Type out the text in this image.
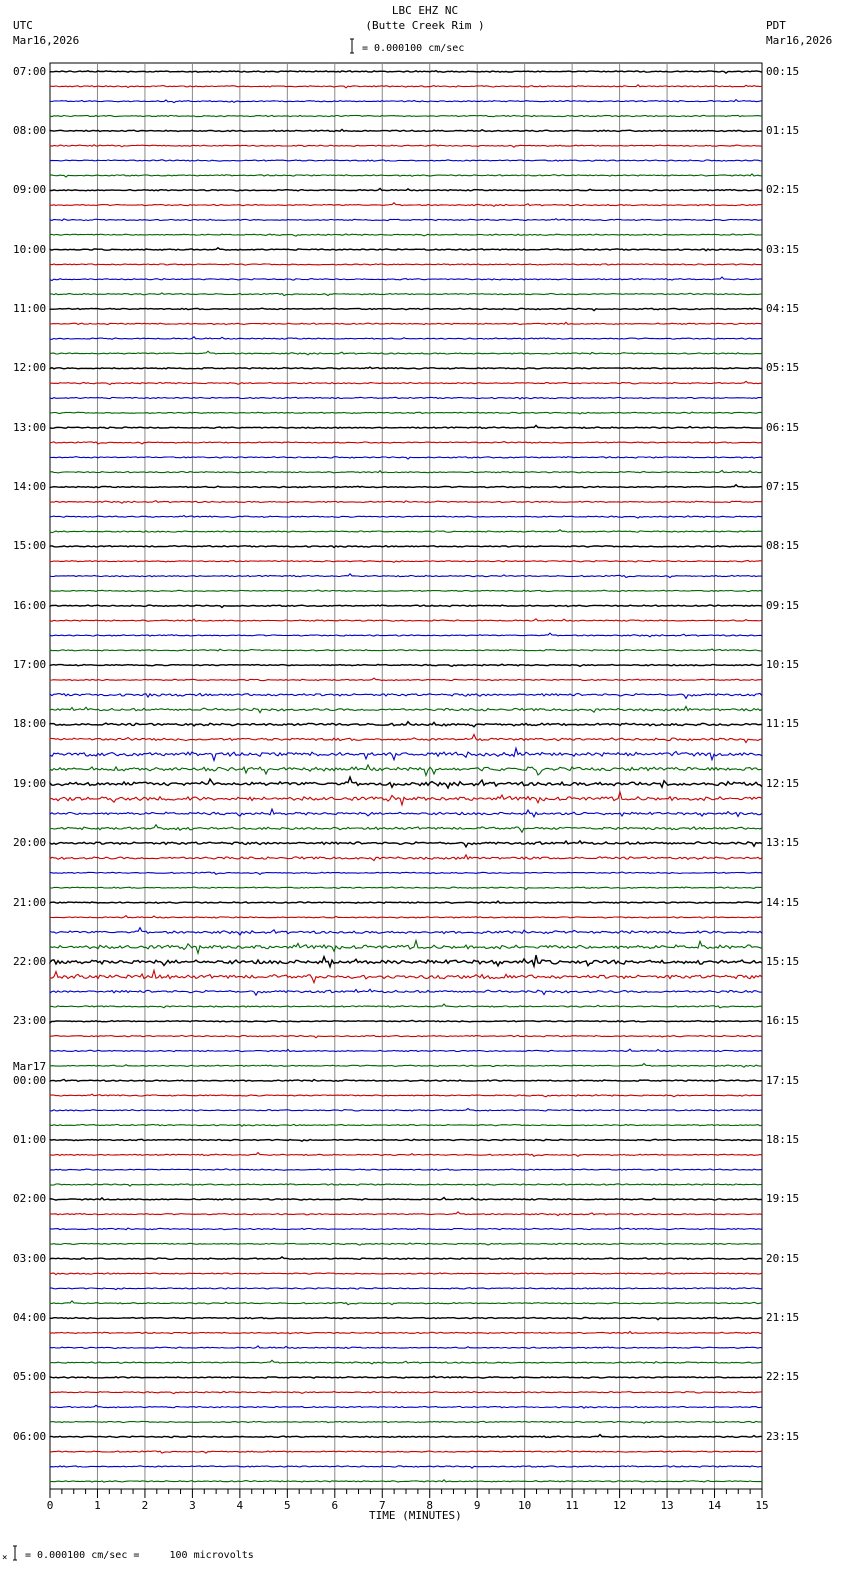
LBC EHZ NC
(Butte Creek Rim )
= 0.000100 cm/sec
UTC
Mar16,2026
PDT
Mar16,2026
0	1	2	3	4	5	6	7	8	9	10	11	12	13	14	15
07:00
08:00
09:00
10:00
11:00
12:00
13:00
14:00
15:00
16:00
17:00
18:00
19:00
20:00
21:00
22:00
23:00
00:00
Mar17
01:00
02:00
03:00
04:00
05:00
06:00
00:15
01:15
02:15
03:15
04:15
05:15
06:15
07:15
08:15
09:15
10:15
11:15
12:15
13:15
14:15
15:15
16:15
17:15
18:15
19:15
20:15
21:15
22:15
23:15
TIME (MINUTES)
× = 0.000100 cm/sec =     100 microvolts
